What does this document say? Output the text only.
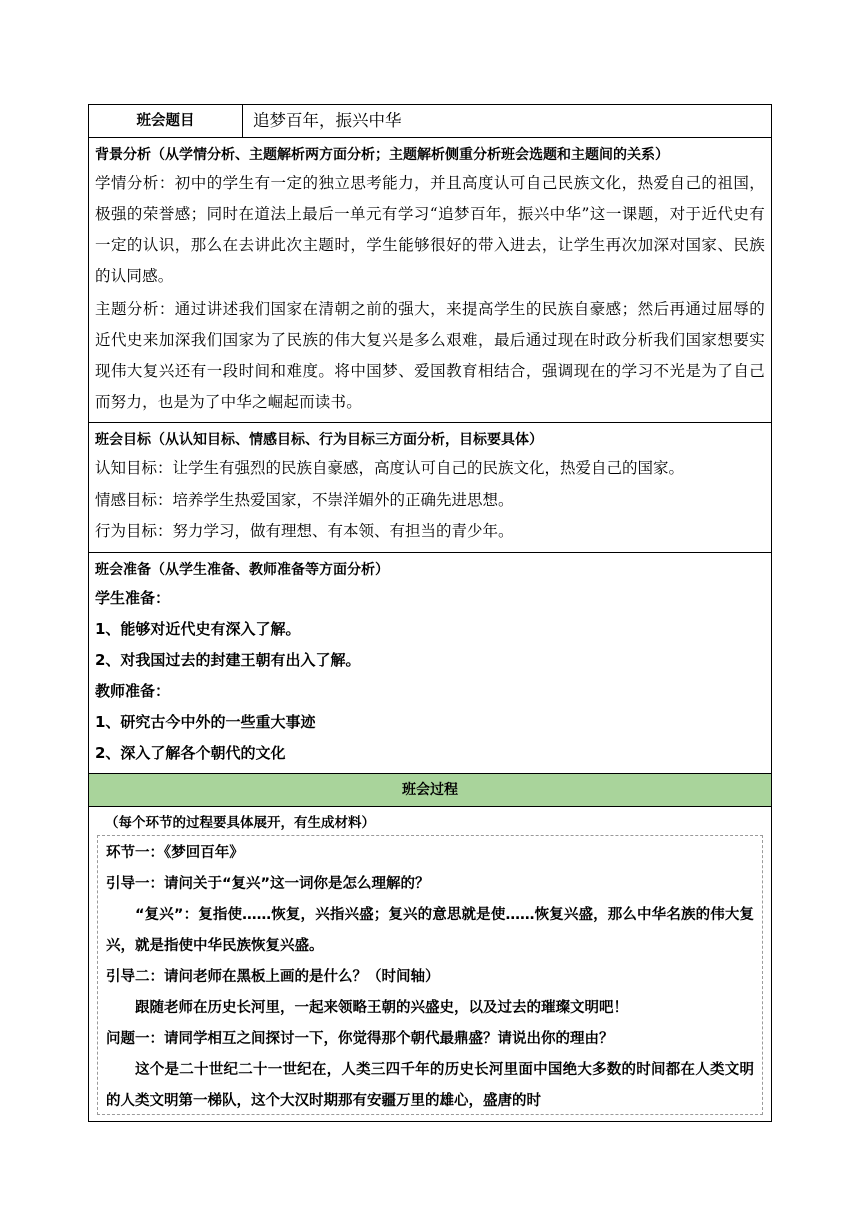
班会题目	追梦百年，振兴中华

背景分析（从学情分析、主题解析两方面分析；主题解析侧重分析班会选题和主题间的关系）
学情分析：初中的学生有一定的独立思考能力，并且高度认可自己民族文化，热爱自己的祖国，极强的荣誉感；同时在道法上最后一单元有学习“追梦百年，振兴中华”这一课题，对于近代史有一定的认识，那么在去讲此次主题时，学生能够很好的带入进去，让学生再次加深对国家、民族的认同感。
主题分析：通过讲述我们国家在清朝之前的强大，来提高学生的民族自豪感；然后再通过屈辱的近代史来加深我们国家为了民族的伟大复兴是多么艰难，最后通过现在时政分析我们国家想要实现伟大复兴还有一段时间和难度。将中国梦、爱国教育相结合，强调现在的学习不光是为了自己而努力，也是为了中华之崛起而读书。

班会目标（从认知目标、情感目标、行为目标三方面分析，目标要具体）
认知目标：让学生有强烈的民族自豪感，高度认可自己的民族文化，热爱自己的国家。
情感目标：培养学生热爱国家，不崇洋媚外的正确先进思想。
行为目标：努力学习，做有理想、有本领、有担当的青少年。

班会准备（从学生准备、教师准备等方面分析）
学生准备：
1、能够对近代史有深入了解。
2、对我国过去的封建王朝有出入了解。
教师准备：
1、研究古今中外的一些重大事迹
2、深入了解各个朝代的文化

班会过程

（每个环节的过程要具体展开，有生成材料）
环节一：《梦回百年》
引导一：请问关于“复兴”这一词你是怎么理解的？
“复兴”：复指使……恢复，兴指兴盛；复兴的意思就是使……恢复兴盛，那么中华名族的伟大复兴，就是指使中华民族恢复兴盛。
引导二：请问老师在黑板上画的是什么？（时间轴）
跟随老师在历史长河里，一起来领略王朝的兴盛史，以及过去的璀璨文明吧！
问题一：请同学相互之间探讨一下，你觉得那个朝代最鼎盛？请说出你的理由？
这个是二十世纪二十一世纪在，人类三四千年的历史长河里面中国绝大多数的时间都在人类文明的人类文明第一梯队，这个大汉时期那有安疆万里的雄心，盛唐的时
